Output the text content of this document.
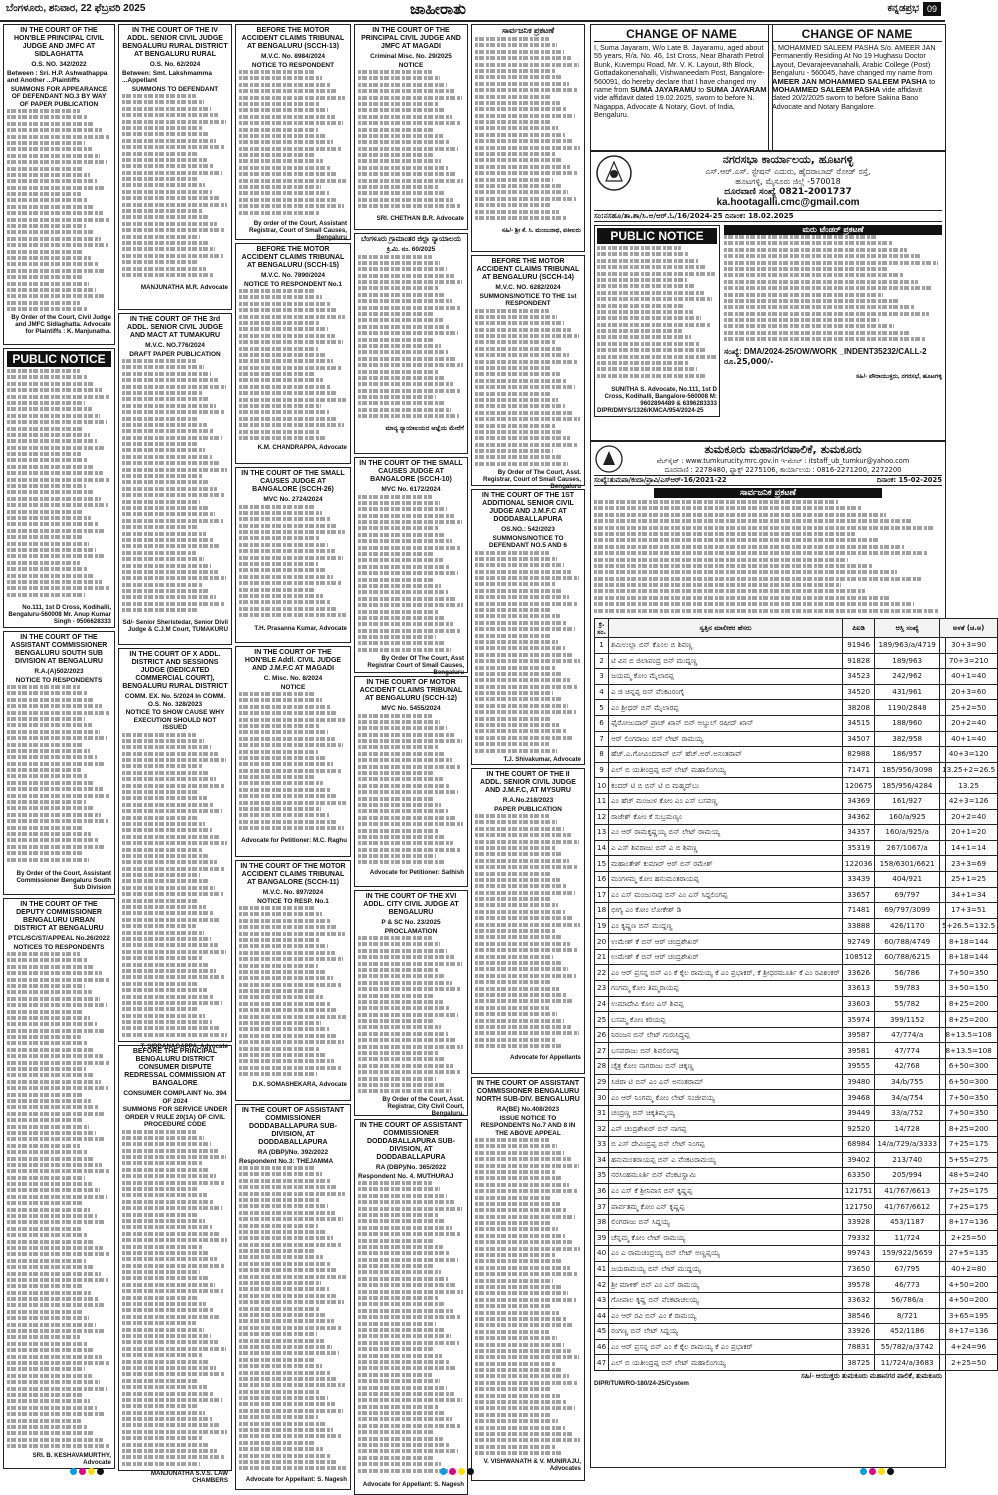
ಬೆಂಗಳೂರು, ಶನಿವಾರ, 22 ಫೆಬ್ರವರಿ 2025	ಜಾಹೀರಾತು	ಕನ್ನಡಪ್ರಭ 09
IN THE COURT OF THE HON'BLE PRINCIPAL CIVIL JUDGE AND JMFC AT SIDLAGHATTA
O.S. NO. 342/2022
Between : Sri. H.P. Ashwathappa and Another ...Plaintiffs
SUMMONS FOR APPEARANCE OF DEFENDANT NO.3 BY WAY OF PAPER PUBLICATION
By Order of the Court, Civil Judge and JMFC Sidlaghatta. Advocate for Plaintiffs : K. Manjunatha.
PUBLIC NOTICE
No.111, 1st D Cross, Kodihalli, Bengaluru-560008 Mr. Anup Kumar Singh - 9506628333
IN THE COURT OF THE ASSISTANT COMMISSIONER BENGALURU SOUTH SUB DIVISION AT BENGALURU
R.A.(A)502/2023
NOTICE TO RESPONDENTS
By Order of the Court, Assistant Commissioner Bengaluru South Sub Division
IN THE COURT OF THE DEPUTY COMMISSIONER BENGALURU URBAN DISTRICT AT BENGALURU
PTCL/SC/ST/APPEAL No.26/2022
NOTICES TO RESPONDENTS
SRI. B. KESHAVAMURTHY, Advocate
IN THE COURT OF THE IV ADDL. SENIOR CIVIL JUDGE BENGALURU RURAL DISTRICT AT BENGALURU RURAL
O.S. No. 62/2024
Between: Smt. Lakshmamma ...Appellant
SUMMONS TO DEFENDANT
MANJUNATHA M.R. Advocate
IN THE COURT OF THE 3rd ADDL. SENIOR CIVIL JUDGE AND MACT AT TUMAKURU
M.V.C. NO.776/2024
DRAFT PAPER PUBLICATION
Sd/- Senior Sheristedar, Senior Divil Judge & C.J.M Court, TUMAKURU
IN THE COURT OF X ADDL. DISTRICT AND SESSIONS JUDGE (DEDICATED COMMERCIAL COURT), BENGALURU RURAL DISTRICT
COMM. EX. No. 5/2024 In COMM. O.S. No. 328/2023
NOTICE TO SHOW CAUSE WHY EXECUTION SHOULD NOT ISSUED
T. SIDDANAGAPPA, Advocate
BEFORE THE PRINCIPAL BENGALURU DISTRICT CONSUMER DISPUTE REDRESSAL COMMISSION AT BANGALORE
CONSUMER COMPLAINT No. 394 OF 2024
SUMMONS FOR SERVICE UNDER ORDER V RULE 20(1A) OF CIVIL PROCEDURE CODE
MANJUNATHA S.V.S. LAW CHAMBERS
BEFORE THE MOTOR ACCIDENT CLAIMS TRIBUNAL AT BENGALURU (SCCH-13)
M.V.C. No. 8984/2024
NOTICE TO RESPONDENT
By order of the Court, Assistant Registrar, Court of Small Causes, Bengaluru
BEFORE THE MOTOR ACCIDENT CLAIMS TRIBUNAL AT BENGALURU (SCCH-15)
M.V.C. No. 7890/2024
NOTICE TO RESPONDENT No.1
K.M. CHANDRAPPA, Advocate
IN THE COURT OF THE SMALL CAUSES JUDGE AT BANGALORE (SCCH-26)
MVC No. 2724/2024
T.H. Prasanna Kumar, Advocate
IN THE COURT OF THE HON'BLE Addl. CIVIL JUDGE AND J.M.F.C AT MAGADI
C. Misc. No. 8/2024
NOTICE
Advocate for Petitioner: M.C. Raghu
IN THE COURT OF THE MOTOR ACCIDENT CLAIMS TRIBUNAL AT BANGALORE (SCCH-11)
M.V.C. No. 897/2024
NOTICE TO RESP. No.1
D.K. SOMASHEKARA, Advocate
IN THE COURT OF ASSISTANT COMMISSIONER DODDABALLAPURA SUB-DIVISION, AT DODDABALLAPURA
RA (DBP)/No. 392/2022
Respondent No.3: THEJAMMA
Advocate for Appellant: S. Nagesh
IN THE COURT OF THE PRINCIPAL CIVIL JUDGE AND JMFC AT MAGADI
Criminal Misc. No. 29/2025
NOTICE
SRI. CHETHAN B.R. Advocate
ಬೆಂಗಳೂರು ಗ್ರಾಮಾಂತರ ಜಿಲ್ಲಾ ನ್ಯಾಯಾಲಯ
ಕ್ರಿ.ಮಿ. ನಂ. 60/2025
ಮಾನ್ಯ ನ್ಯಾಯಾಲಯದ ಆಜ್ಞೆಯ ಮೇರೆಗೆ
IN THE COURT OF THE SMALL CAUSES JUDGE AT BANGALORE (SCCH-10)
MVC No. 6172/2024
By Order Of The Court, Asst Registrar Court of Small Causes, Bengaluru
IN THE COURT OF MOTOR ACCIDENT CLAIMS TRIBUNAL AT BENGALURU (SCCH-12)
MVC No. 5455/2024
Advocate for Petitioner: Sathish
IN THE COURT OF THE XVI ADDL. CITY CIVIL JUDGE AT BENGALURU
P & SC No. 23/2025
PROCLAMATION
By Order of the Court, Asst. Registrar, City Civil Court, Bengaluru.
IN THE COURT OF ASSISTANT COMMISSIONER DODDABALLAPURA SUB-DIVISION, AT DODDABALLAPURA
RA (DBP)/No. 365/2022
Respondent No. 4. MUTHURAJ
Advocate for Appellant: S. Nagesh
ಸಾರ್ವಜನಿಕ ಪ್ರಕಟಣೆ
ಸಹಿ/- ಶ್ರೀ ಕೆ. ಸಿ. ಮಂಜುನಾಥ, ವಕೀಲರು
BEFORE THE MOTOR ACCIDENT CLAIMS TRIBUNAL AT BENGALURU (SCCH-14)
M.V.C. NO. 6282/2024
SUMMONS/NOTICE TO THE 1st RESPONDENT
By Order of The Court, Asst. Registrar, Court of Small Causes, Bengaluru
IN THE COURT OF THE 1ST ADDITIONAL SENIOR CIVIL JUDGE AND J.M.F.C AT DODDABALLAPURA
OS.NO.: 542/2023
SUMMONS/NOTICE TO DEFENDANT NO.5 AND 6
T.J. Shivakumar, Advocate
IN THE COURT OF THE II ADDL. SENIOR CIVIL JUDGE AND J.M.F.C, AT MYSURU
R.A.No.218/2023
PAPER PUBLICATION
Advocate for Appellants
IN THE COURT OF ASSISTANT COMMISSIONER BENGALURU NORTH SUB-DIV. BENGALURU
RA(BE) No.408/2023
ISSUE NOTICE TO RESPONDENTS No.7 AND 8 IN THE ABOVE APPEAL
V. VISHWANATH & V. MUNIRAJU, Advocates
CHANGE OF NAME
I, Suma Jayaram, W/o Late B. Jayaramu, aged about 55 years, R/a. No. 46, 1st Cross, Near Bharath Petrol Bunk, Kuvempu Road, Mr. V. K. Layout, 8th Block, Gottadakonenahalli, Vishwaneedam Post, Bangalore-560091, do hereby declare that I have changed my name from SUMA JAYARAMU to SUMA JAYARAM vide affidavit dated 19.02.2025, sworn to before N. Nagappa, Advocate & Notary, Govt. of India, Bengaluru.
CHANGE OF NAME
I, MOHAMMED SALEEM PASHA S/o. AMEER JAN Permanently Residing At No 19 Hughasu Doctor Layout, Devarajeevanahalli, Arabic College (Post) Bengaluru - 560045, have changed my name from AMEER JAN MOHAMMED SALEEM PASHA to MOHAMMED SALEEM PASHA vide affidavit dated 20/2/2025 sworn to before Sakina Bano Advocate and Notary Bangalore.
ನಗರಸಭಾ ಕಾರ್ಯಾಲಯ, ಹೂಟಗಳ್ಳಿ
ಎಸ್.ಆರ್.ಎಸ್. ಸ್ಟೇಷನ್ ಎದುರು, ಹೈದರಾಬಾದ್ ರೋಡ್ ರಸ್ತೆ,
ಹೂಟಗಳ್ಳಿ, ಮೈಸೂರು ಜಿಲ್ಲೆ -570018
ದೂರವಾಣಿ ಸಂಖ್ಯೆ 0821-2001737
ka.hootagalli.cmc@gmail.com
ಸಂ:ನಸಹೂ/ತಾ.ಶಾ/ಸಿ.ಆ/ಆರ್.ಓ/16/2024-25 ದಿನಾಂಕ: 18.02.2025
PUBLIC NOTICE
SUNITHA S. Advocate, No.111, 1st D Cross, Kodihalli, Bangalore-560008 M: 9602894489 & 6396283333
DIPR/DMYS/1326/KMCA/954/2024-25
ಮರು ಟೆಂಡರ್ ಪ್ರಕಟಣೆ
ಸಂಖ್ಯೆ: DMA/2024-25/OW/WORK _INDENT35232/CALL-2
ರೂ.25,000/-
ಸಹಿ/- ಪೌರಾಯುಕ್ತರು, ನಗರಸಭೆ, ಹೂಟಗಳ್ಳಿ
ತುಮಕೂರು ಮಹಾನಗರಪಾಲಿಕೆ, ತುಮಕೂರು
ವೆಬ್‌ಸೈಟ್ : www.tumkurucity.mrc.gov.in ಇ-ಮೇಲ್ : itstaff_ub_tumkur@yahoo.com
ದೂರವಾಣಿ : 2278480, ಫ್ಯಾಕ್ಸ್ 2275106, ಕಾರ್ಯಾಲಯ : 0816-2271200, 2272200
ಸಂಖ್ಯೆ:ತುಮಪಾ/ಕಂದಾ/ಪ್ರಾವಿ/ಎಸ್‌ಆರ್-16/2021-22	ದಿನಾಂಕ: 15-02-2025
ಸಾರ್ವಜನಿಕ ಪ್ರಕಟಣೆ
ಕ್ರ. ಸಂ.	ಸ್ವತ್ತಿನ ಮಾಲೀಕರ ಹೆಸರು	ಪಿಐಡಿ	ಆಸ್ತಿ ಸಂಖ್ಯೆ	ಅಳತೆ (ಚ.ಅ)
1	ಶಮಿಉಲ್ಲಾ ಬಿನ್ ಕೊಂಲ ಬಿ ಶಿವಣ್ಣ	91946	189/963/a/4719	30+3=90
2	ಟಿ ವಿನ ಬಿ ಜಿಲಾವಂದ್ರ ಬಿನ್ ಮುದ್ದಣ್ಣ	91828	189/963	70+3=210
3	ಜಯಮ್ಮ ಕೋಂ ಮೈಲಾರಪ್ಪ	34523	242/962	40+1=40
4	ಎ ಜಿ ಚಿನ್ನಪ್ಪ ಬಿನ್ ವೆಂಕಟರಂಗೈ	34520	431/961	20+3=60
5	ಎಂ ಶ್ರೀಧರ್ ಬಿನ್ ಮೈಲಾರಪ್ಪ	38208	1190/2848	25+2=50
6	ಫೈರೋಜುದಾರ್ ಪ್ರಾಚ್ ಖಾನ್ ಬಿನ್ ಅಬ್ದುಲ್ ರಷೀದ್ ಖಾನ್	34515	188/960	20+2=40
7	ಆರ್ ಲಿಂಗರಾಜು ಬಿನ್ ಲೇಟ್ ರಾಮಯ್ಯ	34507	382/958	40+1=40
8	ಹೆಚ್.ಎ.ಗೋವಿಂದರಾವ್ ಬಿನ್ ಹೆಚ್.ಅರ್.ಅನಂತರಾವ್	82988	186/957	40+3=120
9	ಎಲ್ ಬಿ ಯತೀಂದ್ರಪ್ಪ ಬಿನ್ ಲೇಟ್ ಮಹಾಲಿಂಗಯ್ಯ	71471	185/956/3098	13.25+2=26.5
10	ಕಂದರ್ ಟಿ ಬಿ ಬಿನ್ ಟಿ ಬಿ ಮಹ್ಮದ್‌ಬು	120675	185/956/4284	13.25
11	ಎಂ ಹೆಚ್ ಮಂಜುಳ ಕೋಂ ಎಂ ಎಸ್ ಬಸವಣ್ಣ	34369	161/927	42+3=126
12	ರಾಜೇಶ್ ಕೋಂ ಕೆ ಸುಬ್ರಮಣ್ಯಂ	34362	160/a/925	20+2=40
13	ಎಂ ಆರ್ ರಾಮಕೃಷ್ಣಯ್ಯ ಬಿನ್ ಲೇಟ್ ರಾಮಯ್ಯ	34357	160/a/925/a	20+1=20
14	ಎ ಎಸ್ ಶಿವರಾಜು ಬಿನ್ ಎ ಬಿ ಶಿವಣ್ಣ	35319	267/1067/a	14+1=14
15	ಮಹಾಂತೇಶ್ ಕುಮಾರ್ ಆರ್ ಬಿನ್ ರಮೇಶ್	122036	158/6301/6621	23+3=69
16	ಮಂಗಳಮ್ಮ ಕೋಂ ಹನುಮಂತರಾಯಪ್ಪ	33439	404/921	25+1=25
17	ಎಂ ಎಸ್ ಮಂಜುನಾಥ ಬಿನ್ ಎಂ ಎಸ್ ಸಿದ್ದಲಿಂಗಪ್ಪ	33657	69/797	34+1=34
18	ಭೀಗ್ಯ ಎಂ ಕೋಂ ಲೋಕೇಶ್ ಡಿ	71481	69/797/3099	17+3=51
19	ಎಂ ಕೃಷ್ಣಣ ಬಿನ್ ಮುದ್ದಣ್ಣ	33888	426/1170	5+26.5=132.5
20	ಉಮೇಶ್ ಕೆ ಬಿನ್ ಆರ್ ಚಂದ್ರಶೇಖರ್	92749	60/788/4749	8+18=144
21	ಉಮೇಶ್ ಕೆ ಬಿನ್ ಆರ್ ಚಂದ್ರಶೇಖರ್	108512	60/788/6215	8+18=144
22	ಎಂ ಆರ್ ಪ್ರಸನ್ನ ಬಿನ್ ಎಂ ಕೆ ಕೈಲ ರಾಮಯ್ಯ ಕೆ ಎಂ ಪ್ರಭಾಕರ್, ಕೆ ಶ್ರೀಧರಮೂರ್ತಿ ಕೆ ಎಂ ರವಿಶಂಕರ್	33626	56/786	7+50=350
23	ಗಂಗಮ್ಮ ಕೋಂ ತಿಮ್ಮರಾಯಪ್ಪ	33613	59/783	3+50=150
24	ಉಮಾದೇವಿ ಕೋಂ ಎಸ್ ಶಿವಪ್ಪ	33603	55/782	8+25=200
25	ಬಸಮ್ಮ ಕೋಂ ಕರಿಯಪ್ಪ	35974	399/1152	8+25=200
26	ನಿರಂಜನ ಬಿನ್ ಲೇಟ್ ಗುರುಸಿದ್ಧಪ್ಪ	39587	47/774/a	8+13.5=108
27	ಬಸವರಾಜು ಬಿನ್ ಶಿವಲಿಂಗಪ್ಪ	39581	47/774	8+13.5=108
28	ಚೈತ್ರ ಕೋಂ ನಾಗರಾಜು ಬಿನ್ ಚಿಕ್ಕಣ್ಣ	39555	42/768	6+50=300
29	ಸಿಜಿರಾ ಟಿ ಬಿನ್ ಎಂ ಎನ್ ಅನಂತರಾಮ್	39480	34/b/755	6+50=300
30	ಎಂ ಆರ್ ನಿಂಗಮ್ಮ ಕೋಂ ಲೇಟ್ ಸಂಜೀವಯ್ಯ	39468	34/a/754	7+50=350
31	ಚಂದ್ರಣ್ಣ ಬಿನ್ ಚಿಕ್ಕತಿಮ್ಮಯ್ಯ	39449	33/a/752	7+50=350
32	ಎನ್ ಚಂದ್ರಶೇಖರ್ ಬಿನ್ ನಾಗಪ್ಪ	92520	14/728	8+25=200
33	ಬಿ ಎಸ್ ದೇವಿಂದ್ರಪ್ಪ ಬಿನ್ ಲೇಟ್ ನಿಂಗಪ್ಪ	68984	14/a/729/a/3333	7+25=175
34	ಹನುಮಂತರಾಯಪ್ಪ ಬಿನ್ ಎ ವೆಂಕಟರಾಮಯ್ಯ	39402	213/740	5+55=275
35	ನರಸಿಂಹಮೂರ್ತಿ ಬಿನ್ ವೆಂಕಟಸ್ವಾಮಿ	63350	205/994	48+5=240
36	ಎಂ ಎಸ್ ಕೆ ಶ್ರೀನಿವಾಸ ಬಿನ್ ಕೃಷ್ಣಪ್ಪ	121751	41/767/6613	7+25=175
37	ಪಾರ್ವತಮ್ಮ ಕೋಂ ಎನ್ ಕೃಷ್ಣಪ್ಪ	121750	41/767/6612	7+25=175
38	ಲಿಂಗರಾಜು ಬಿನ್ ಸಿದ್ದಯ್ಯ	33928	453/1187	8+17=136
39	ಚೆನ್ನಮ್ಮ ಕೋಂ ಲೇಟ್ ರಾಮಯ್ಯ	79332	11/724	2+25=50
40	ಎಂ ಎ ರಾಮಚಂದ್ರಯ್ಯ ಬಿನ್ ಲೇಟ್ ಅಣ್ಣಪ್ಪಯ್ಯ	99743	159/922/5659	27+5=135
41	ಜಯರಾಮಯ್ಯ ಬಿನ್ ಲೇಟ್ ಮುದ್ದಯ್ಯ	73650	67/795	40+2=80
42	ಶ್ರೀ ಮಾಳಿಕ್ ಬಿನ್ ಎಂ ಎಸ್ ರಾಮಯ್ಯ	39578	46/773	4+50=200
43	ಗೋಪಾಲ ಕೃಷ್ಣ ಬಿನ್ ವೆಂಕಟಾಚಲಯ್ಯ	33632	56/786/a	4+50=200
44	ಎಂ ಆರ್ ರವಿ ಬಿನ್ ಎಂ ಕೆ ರಾಮಯ್ಯ	38546	8/721	3+65=195
45	ರಂಗಣ್ಣ ಬಿನ್ ಲೇಟ್ ಸಿದ್ದಯ್ಯ	33926	452/1186	8+17=136
46	ಎಂ ಆರ್ ಪ್ರಸನ್ನ ಬಿನ್ ಎಂ ಕೆ ಕೈಲ ರಾಮಯ್ಯ ಕೆ ಎಂ ಪ್ರಭಾಕರ್	78831	55/782/a/3742	4+24=96
47	ಎಲ್ ಬಿ ಯತೀಂದ್ರಪ್ಪ ಬಿನ್ ಲೇಟ್ ಮಹಾಲಿಂಗಯ್ಯ	38725	11/724/a/3683	2+25=50
ಸಹಿ/- ಆಯುಕ್ತರು ತುಮಕೂರು ಮಹಾನಗರ ಪಾಲಿಕೆ, ತುಮಕೂರು
DIPR/TUM/RO-180/24-25/Cystem
